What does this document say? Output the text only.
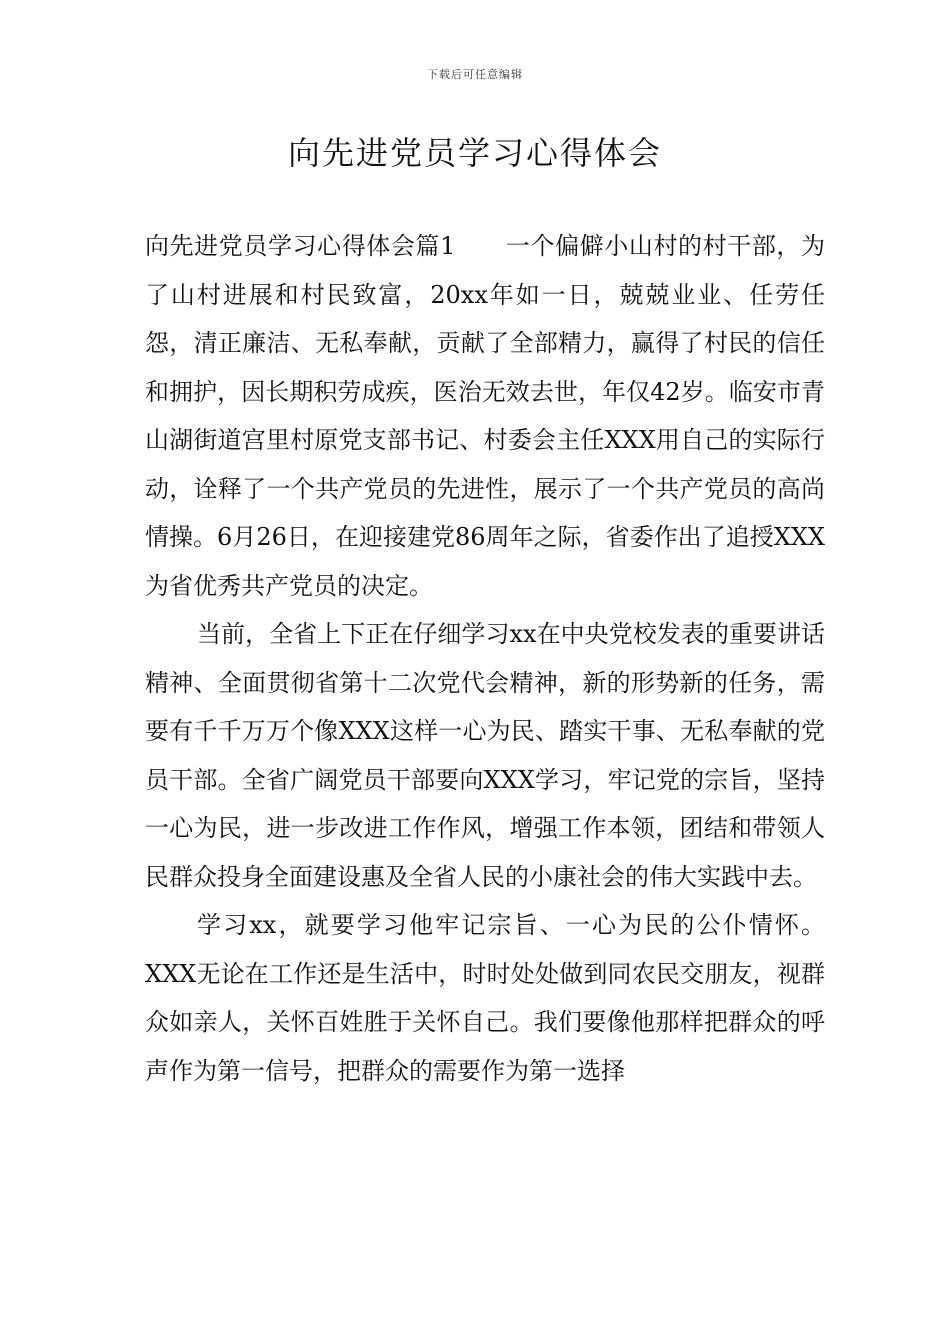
下载后可任意编辑
向先进党员学习心得体会

向先进党员学习心得体会篇1 一个偏僻小山村的村干部，为了山村进展和村民致富，20xx年如一日，兢兢业业、任劳任怨，清正廉洁、无私奉献，贡献了全部精力，赢得了村民的信任和拥护，因长期积劳成疾，医治无效去世，年仅42岁。临安市青山湖街道宫里村原党支部书记、村委会主任XXX用自己的实际行动，诠释了一个共产党员的先进性，展示了一个共产党员的高尚情操。6月26日，在迎接建党86周年之际，省委作出了追授XXX为省优秀共产党员的决定。

当前，全省上下正在仔细学习xx在中央党校发表的重要讲话精神、全面贯彻省第十二次党代会精神，新的形势新的任务，需要有千千万万个像XXX这样一心为民、踏实干事、无私奉献的党员干部。全省广阔党员干部要向XXX学习，牢记党的宗旨，坚持一心为民，进一步改进工作作风，增强工作本领，团结和带领人民群众投身全面建设惠及全省人民的小康社会的伟大实践中去。

学习xx，就要学习他牢记宗旨、一心为民的公仆情怀。XXX无论在工作还是生活中，时时处处做到同农民交朋友，视群众如亲人，关怀百姓胜于关怀自己。我们要像他那样把群众的呼声作为第一信号，把群众的需要作为第一选择
